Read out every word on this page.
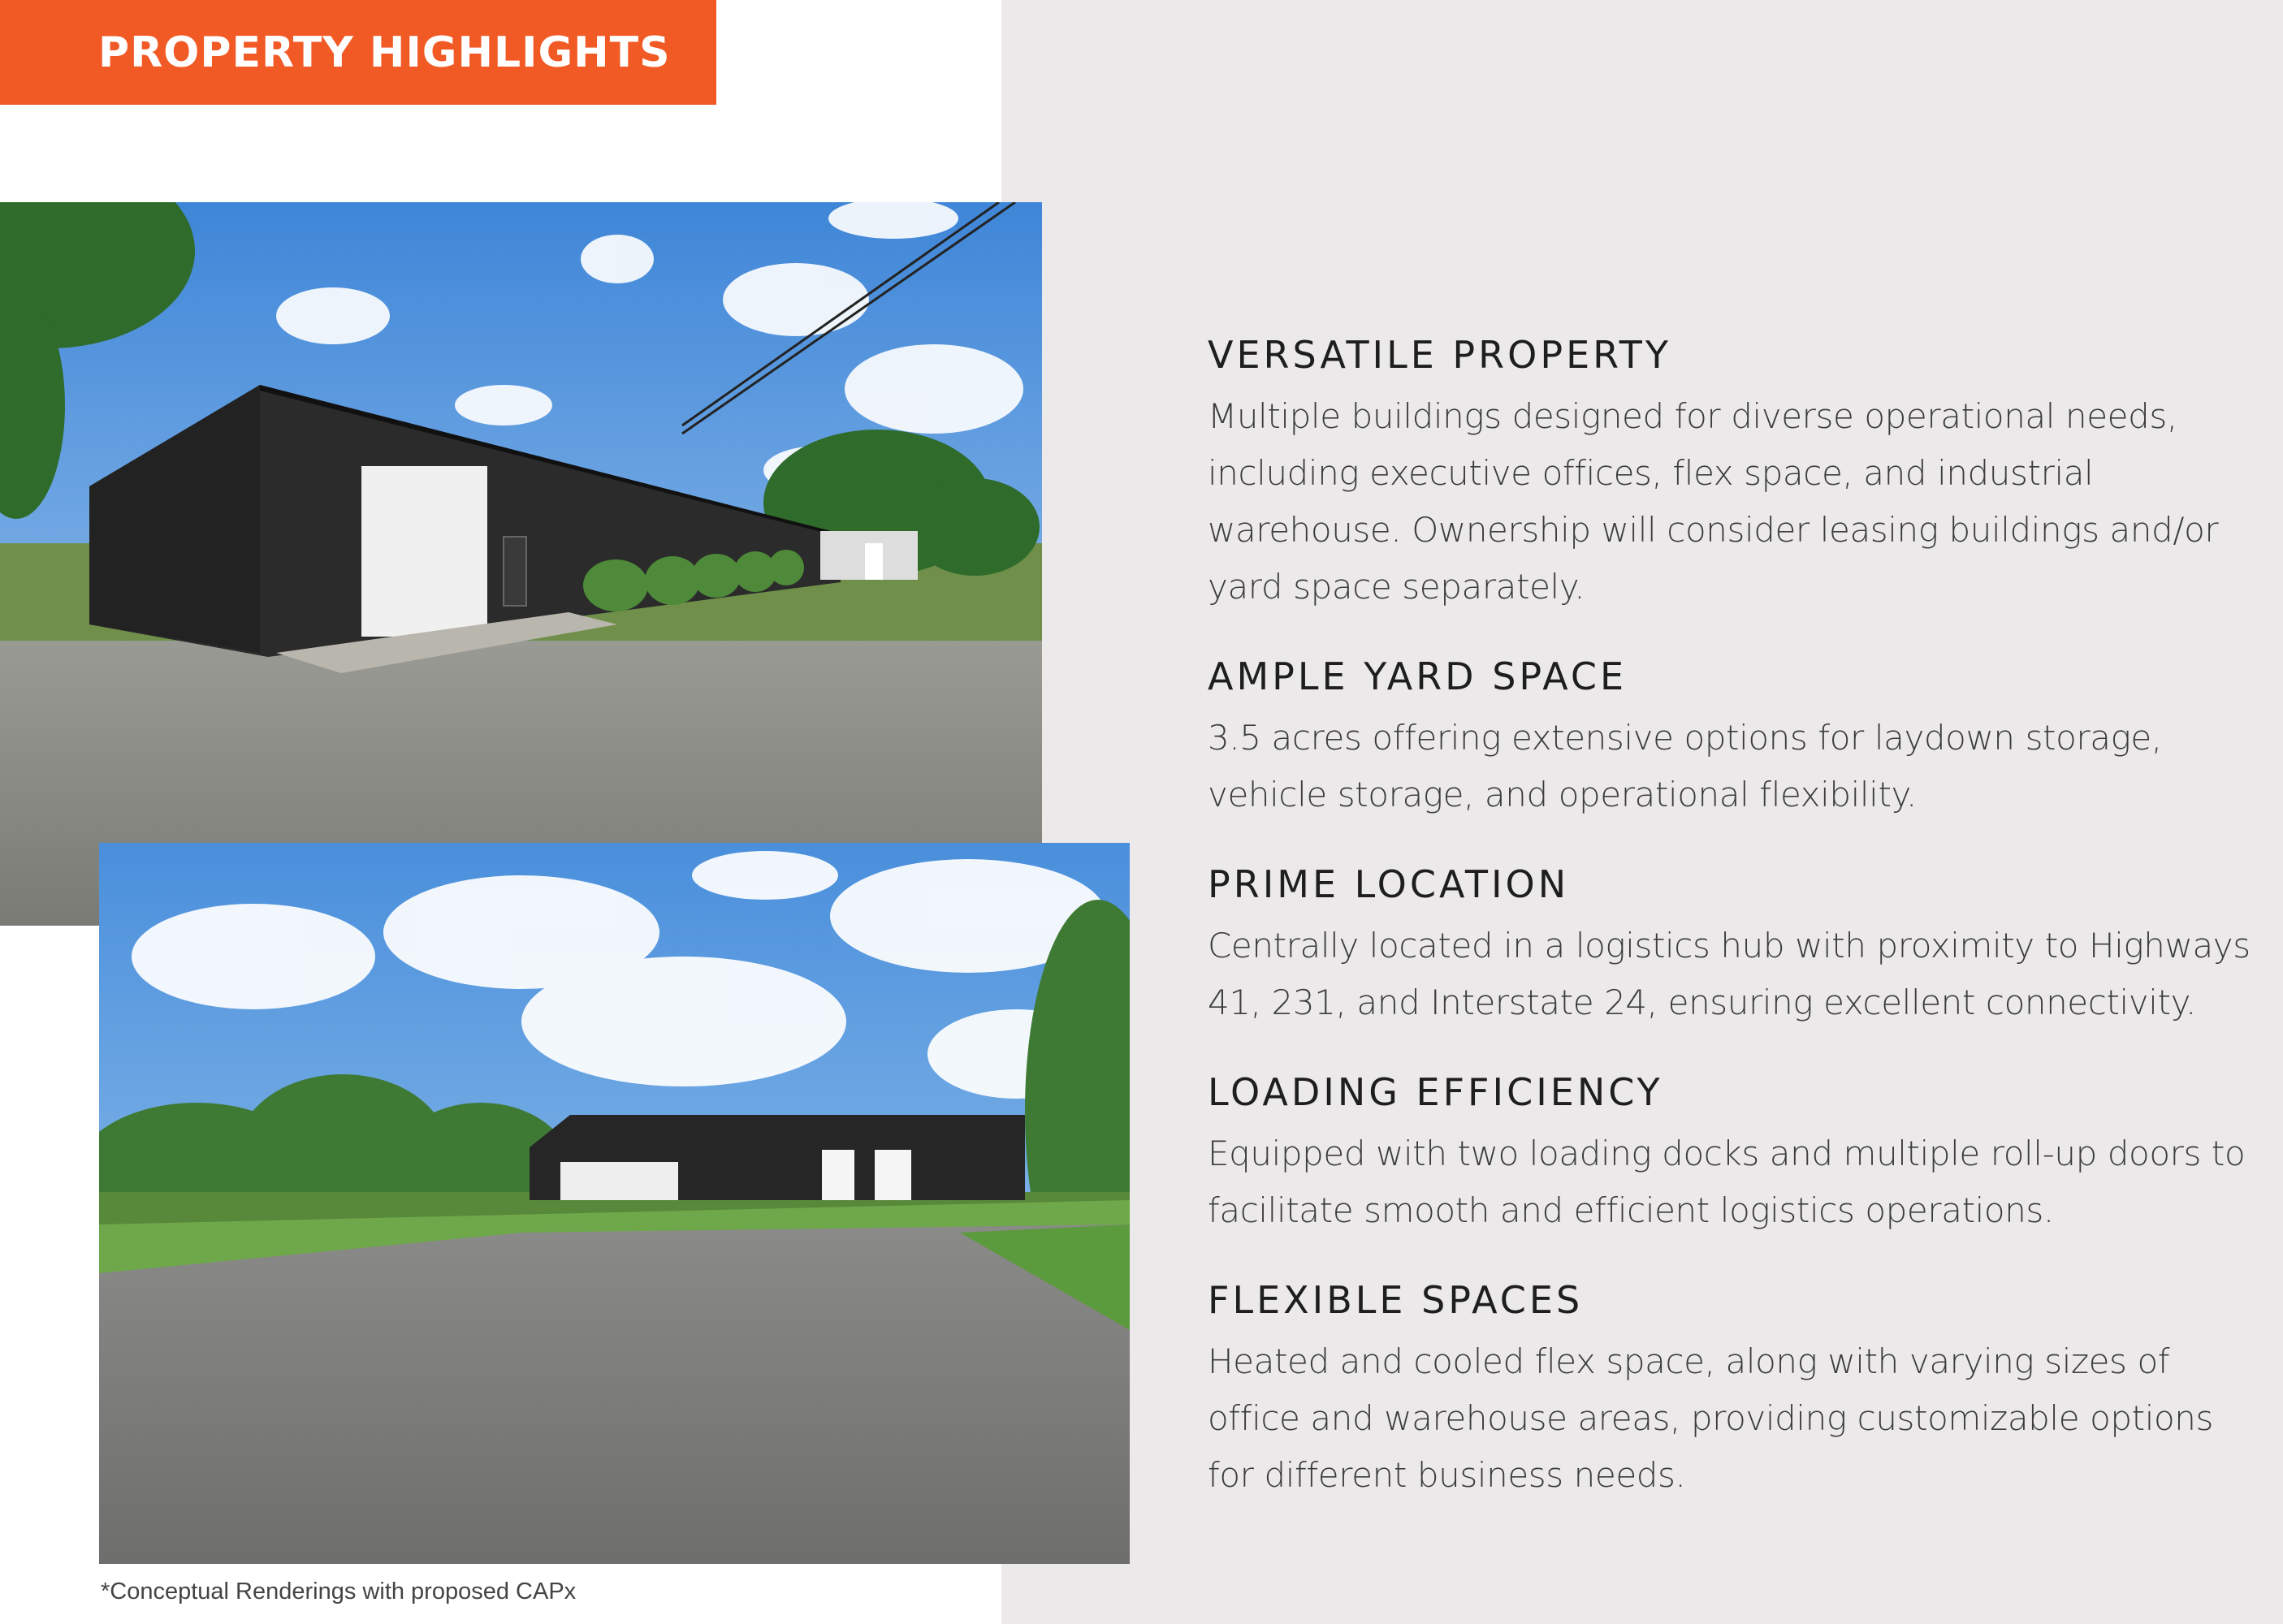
PROPERTY HIGHLIGHTS
*Conceptual Renderings with proposed CAPx
VERSATILE PROPERTY

Multiple buildings designed for diverse operational needs, including executive offices, flex space, and industrial warehouse. Ownership will consider leasing buildings and/or yard space separately.

AMPLE YARD SPACE

3.5 acres offering extensive options for laydown storage, vehicle storage, and operational flexibility.

PRIME LOCATION

Centrally located in a logistics hub with proximity to Highways 41, 231, and Interstate 24, ensuring excellent connectivity.

LOADING EFFICIENCY

Equipped with two loading docks and multiple roll-up doors to facilitate smooth and efficient logistics operations.

FLEXIBLE SPACES

Heated and cooled flex space, along with varying sizes of office and warehouse areas, providing customizable options for different business needs.
